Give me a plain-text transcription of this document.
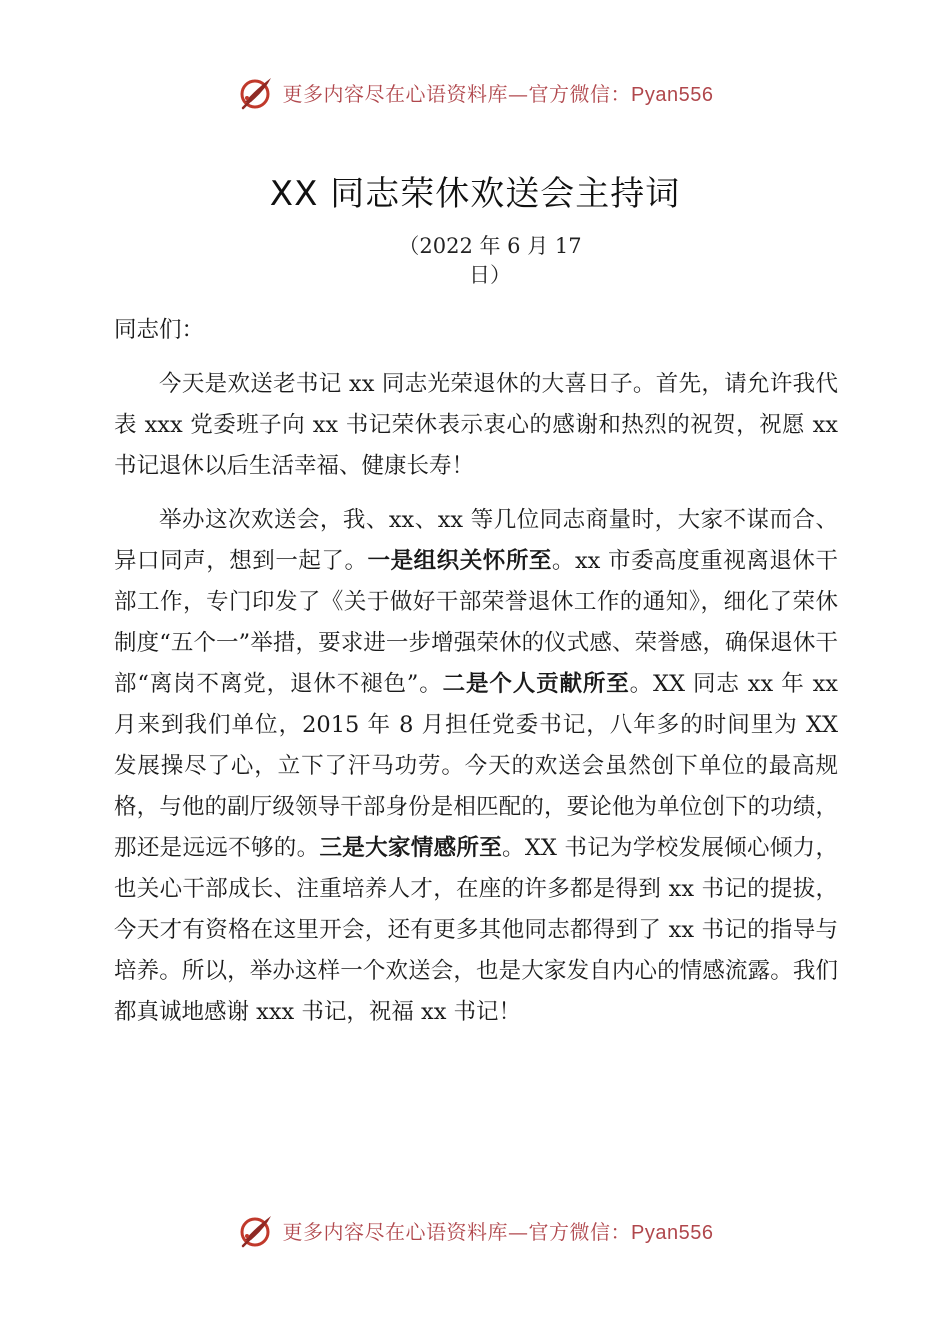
更多内容尽在心语资料库—官方微信：Pyan556
XX 同志荣休欢送会主持词
（2022 年 6 月 17 日）

同志们：

今天是欢送老书记 xx 同志光荣退休的大喜日子。首先，请允许我代表 xxx 党委班子向 xx 书记荣休表示衷心的感谢和热烈的祝贺，祝愿 xx 书记退休以后生活幸福、健康长寿！

举办这次欢送会，我、xx、xx 等几位同志商量时，大家不谋而合、异口同声，想到一起了。一是组织关怀所至。xx 市委高度重视离退休干部工作，专门印发了《关于做好干部荣誉退休工作的通知》，细化了荣休制度“五个一”举措，要求进一步增强荣休的仪式感、荣誉感，确保退休干部“离岗不离党，退休不褪色”。二是个人贡献所至。XX 同志 xx 年 xx 月来到我们单位，2015 年 8 月担任党委书记，八年多的时间里为 XX 发展操尽了心，立下了汗马功劳。今天的欢送会虽然创下单位的最高规格，与他的副厅级领导干部身份是相匹配的，要论他为单位创下的功绩，那还是远远不够的。三是大家情感所至。XX 书记为学校发展倾心倾力，也关心干部成长、注重培养人才，在座的许多都是得到 xx 书记的提拔，今天才有资格在这里开会，还有更多其他同志都得到了 xx 书记的指导与培养。所以，举办这样一个欢送会，也是大家发自内心的情感流露。我们都真诚地感谢 xxx 书记，祝福 xx 书记！

更多内容尽在心语资料库—官方微信：Pyan556
